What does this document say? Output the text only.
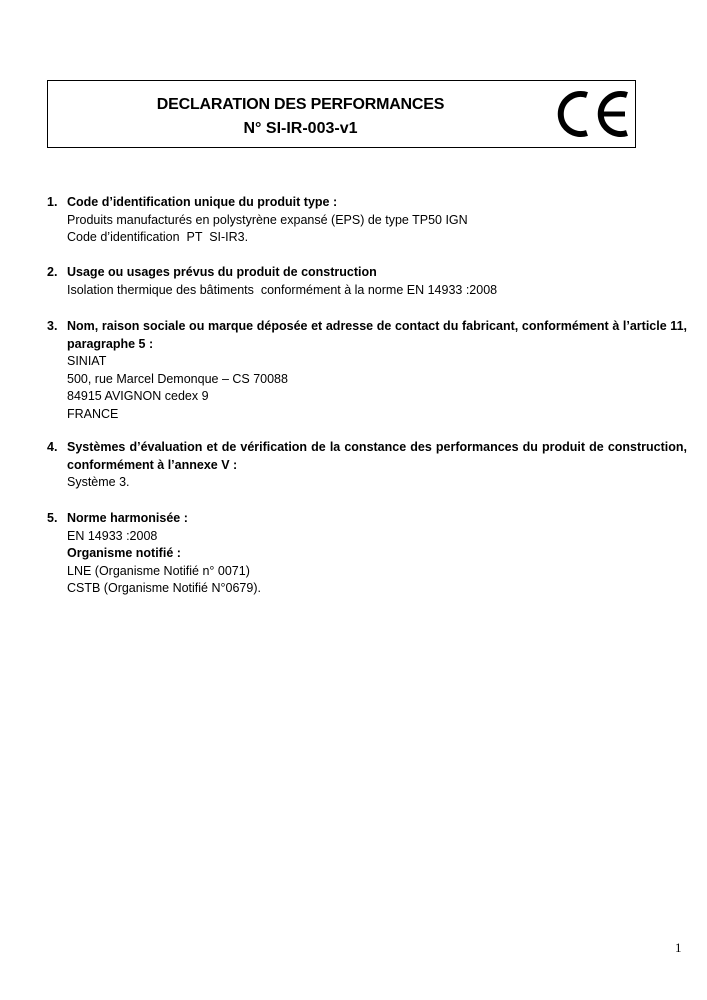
DECLARATION DES PERFORMANCES
N° SI-IR-003-v1
1. Code d’identification unique du produit type :
Produits manufacturés en polystyrène expansé (EPS) de type TP50 IGN
Code d’identification  PT  SI-IR3.
2. Usage ou usages prévus du produit de construction
Isolation thermique des bâtiments  conformément à la norme EN 14933 :2008
3. Nom, raison sociale ou marque déposée et adresse de contact du fabricant, conformément à l’article 11, paragraphe 5 :
SINIAT
500, rue Marcel Demonque – CS 70088
84915 AVIGNON cedex 9
FRANCE
4. Systèmes d’évaluation et de vérification de la constance des performances du produit de construction, conformément à l’annexe V :
Système 3.
5. Norme harmonisée :
EN 14933 :2008
Organisme notifié :
LNE (Organisme Notifié n° 0071)
CSTB (Organisme Notifié N°0679).
1
